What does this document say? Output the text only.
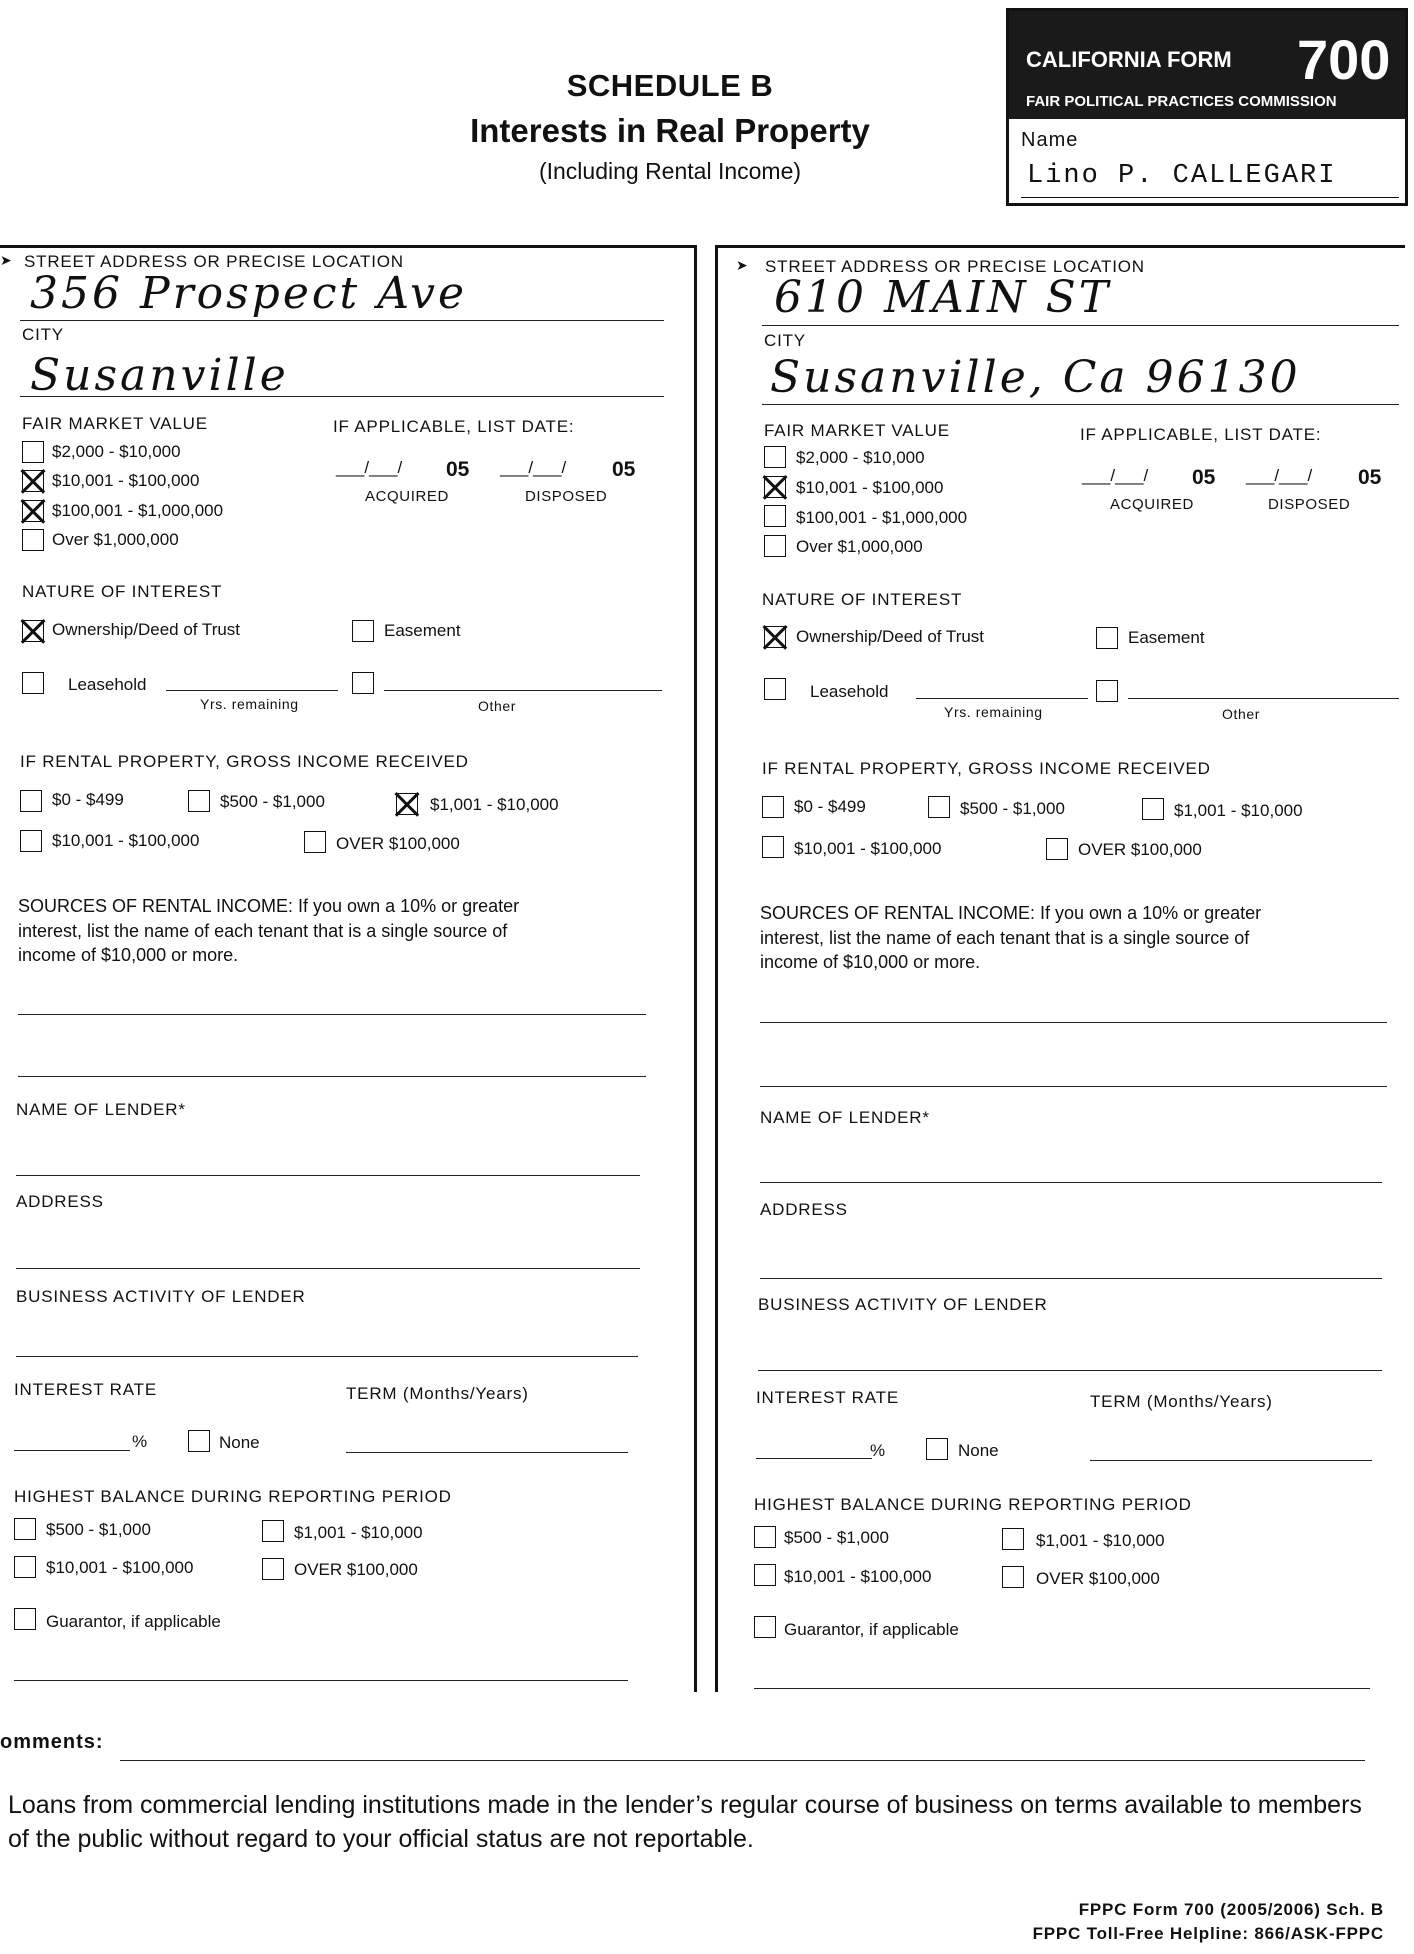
SCHEDULE B
Interests in Real Property
(Including Rental Income)
CALIFORNIA FORM 700
FAIR POLITICAL PRACTICES COMMISSION
Name
Lino P. CALLEGARI
➤ STREET ADDRESS OR PRECISE LOCATION
356 Prospect Ave
CITY
Susanville
FAIR MARKET VALUE	IF APPLICABLE, LIST DATE:
$2,000 - $10,000
$10,001 - $100,000
$100,001 - $1,000,000
Over $1,000,000
___/___/ 05
ACQUIRED
___/___/ 05
DISPOSED
NATURE OF INTEREST
Ownership/Deed of Trust	Easement
Leasehold
Yrs. remaining	Other
IF RENTAL PROPERTY, GROSS INCOME RECEIVED
$0 - $499	$500 - $1,000	$1,001 - $10,000
$10,001 - $100,000	OVER $100,000
SOURCES OF RENTAL INCOME: If you own a 10% or greater
interest, list the name of each tenant that is a single source of
income of $10,000 or more.
NAME OF LENDER*
ADDRESS
BUSINESS ACTIVITY OF LENDER
INTEREST RATE	TERM (Months/Years)
%	None
HIGHEST BALANCE DURING REPORTING PERIOD
$500 - $1,000	$1,001 - $10,000
$10,001 - $100,000	OVER $100,000
Guarantor, if applicable
➤ STREET ADDRESS OR PRECISE LOCATION
610 MAIN ST
CITY
Susanville, Ca 96130
FAIR MARKET VALUE	IF APPLICABLE, LIST DATE:
$2,000 - $10,000
$10,001 - $100,000
$100,001 - $1,000,000
Over $1,000,000
___/___/ 05
ACQUIRED
___/___/ 05
DISPOSED
NATURE OF INTEREST
Ownership/Deed of Trust	Easement
Leasehold
Yrs. remaining	Other
IF RENTAL PROPERTY, GROSS INCOME RECEIVED
$0 - $499	$500 - $1,000	$1,001 - $10,000
$10,001 - $100,000	OVER $100,000
SOURCES OF RENTAL INCOME: If you own a 10% or greater
interest, list the name of each tenant that is a single source of
income of $10,000 or more.
NAME OF LENDER*
ADDRESS
BUSINESS ACTIVITY OF LENDER
INTEREST RATE	TERM (Months/Years)
%	None
HIGHEST BALANCE DURING REPORTING PERIOD
$500 - $1,000	$1,001 - $10,000
$10,001 - $100,000	OVER $100,000
Guarantor, if applicable
omments:
Loans from commercial lending institutions made in the lender’s regular course of business on terms available to members of the public without regard to your official status are not reportable.
FPPC Form 700 (2005/2006) Sch. B
FPPC Toll-Free Helpline: 866/ASK-FPPC
